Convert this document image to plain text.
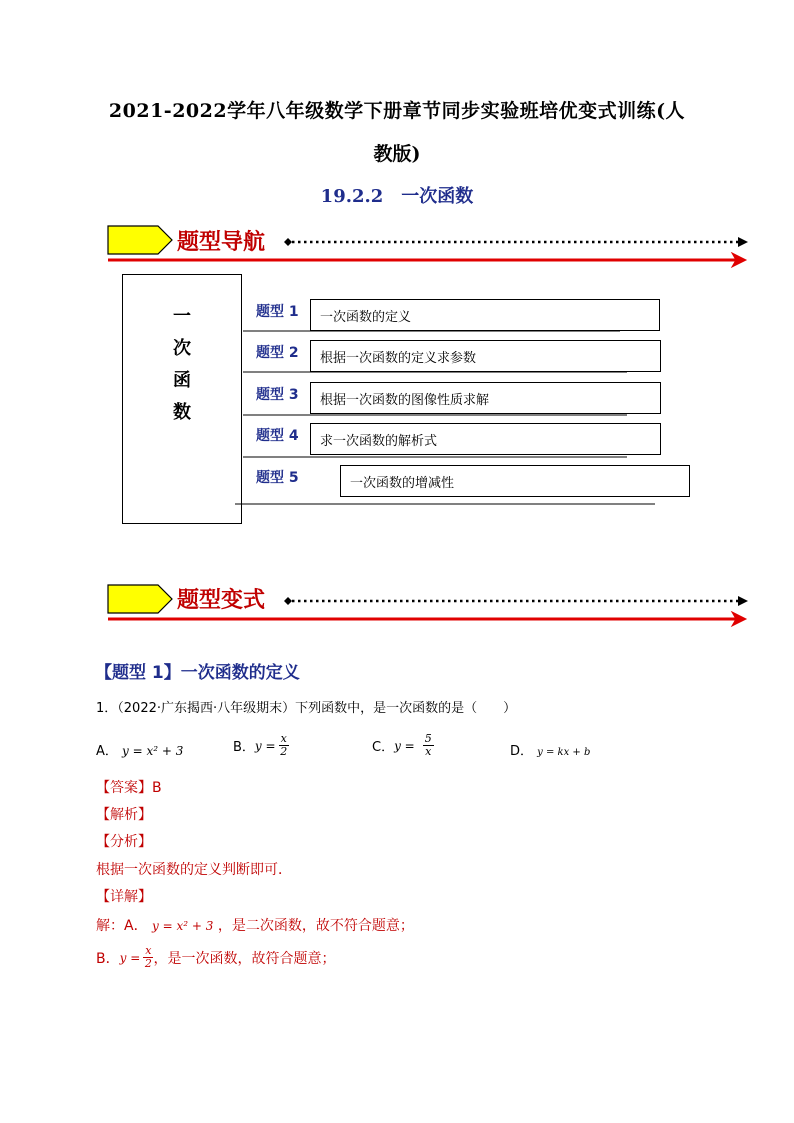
2021-2022学年八年级数学下册章节同步实验班培优变式训练(人
教版)
19.2.2　一次函数
题型导航
一
次
函
数
题型 1	一次函数的定义
题型 2	根据一次函数的定义求参数
题型 3	根据一次函数的图像性质求解
题型 4	求一次函数的解析式
题型 5	一次函数的增减性
题型变式
【题型 1】一次函数的定义
1．（2022·广东揭西·八年级期末）下列函数中，是一次函数的是（　　）
A． y = x² + 3	B． $y = \frac{x}{2}$	C． $y = \frac{5}{x}$	D． y = kx + b
【答案】B
【解析】
【分析】
根据一次函数的定义判断即可．
【详解】
解：A． y = x² + 3 ，是二次函数，故不符合题意；
B． $y = \frac{x}{2}$ ，是一次函数，故符合题意；
